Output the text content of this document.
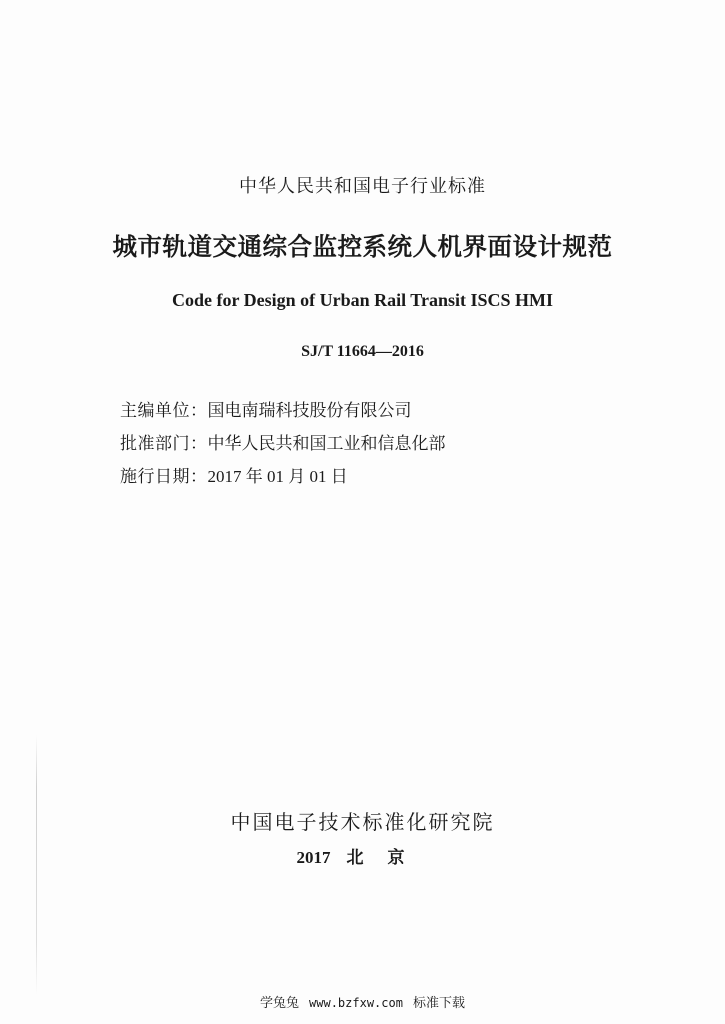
中华人民共和国电子行业标准
城市轨道交通综合监控系统人机界面设计规范
Code for Design of Urban Rail Transit ISCS HMI
SJ/T 11664—2016
主编单位：国电南瑞科技股份有限公司
批准部门：中华人民共和国工业和信息化部
施行日期：2017 年 01 月 01 日
中国电子技术标准化研究院
2017 北京
学兔兔 www.bzfxw.com 标准下载
